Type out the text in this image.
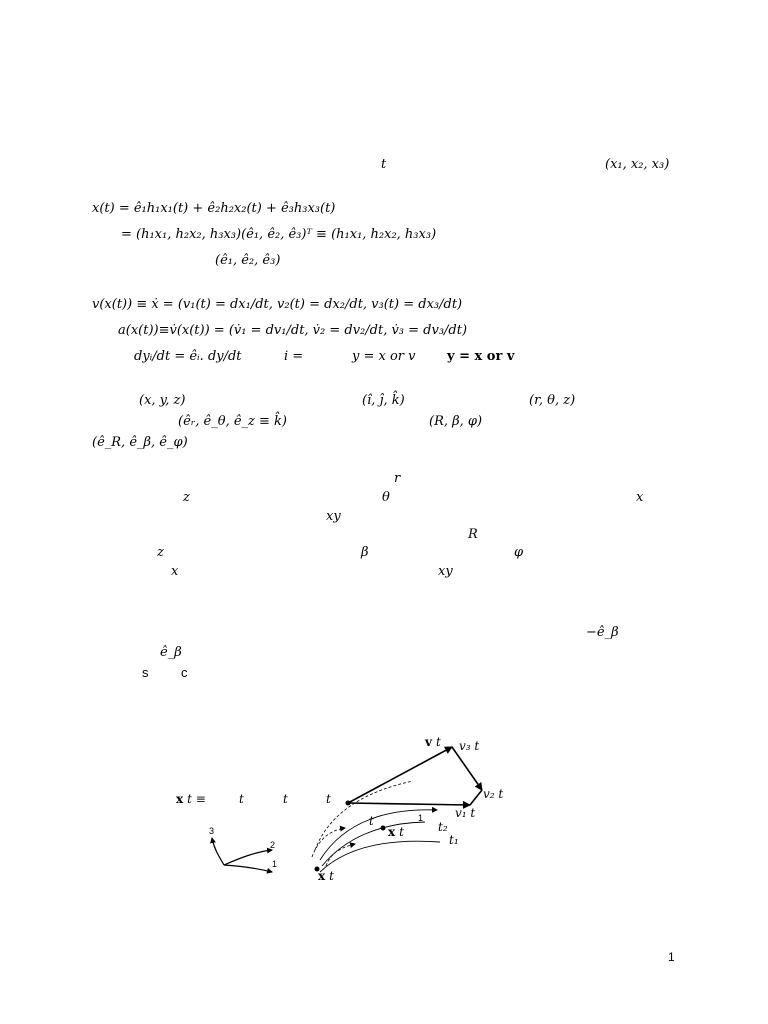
t	(x₁, x₂, x₃)
x(t) = ê₁h₁x₁(t) + ê₂h₂x₂(t) + ê₃h₃x₃(t)
= (h₁x₁, h₂x₂, h₃x₃)(ê₁, ê₂, ê₃)ᵀ ≡ (h₁x₁, h₂x₂, h₃x₃)
(ê₁, ê₂, ê₃)
v(x(t)) ≡ ẋ = (v₁(t) = dx₁/dt, v₂(t) = dx₂/dt, v₃(t) = dx₃/dt)
a(x(t))≡v̇(x(t)) = (v̇₁ = dv₁/dt, v̇₂ = dv₂/dt, v̇₃ = dv₃/dt)
dyᵢ/dt = êᵢ. dy/dt	i =	y = x or v y = x or v
(x, y, z)	(î, ĵ, k̂)	(r, θ, z)
(êᵣ, ê_θ, ê_z ≡ k̂)	(R, β, φ)
(ê_R, ê_β, ê_φ)
r
z	θ	x
xy
R
z	β	φ
x	xy
−ê_β
ê_β
s	c
v t v₃ t
v₂ t
v₁ t
x t ≡	t	t	t
t	1
x t	t₂
t₁
x t
3
2
1
1
